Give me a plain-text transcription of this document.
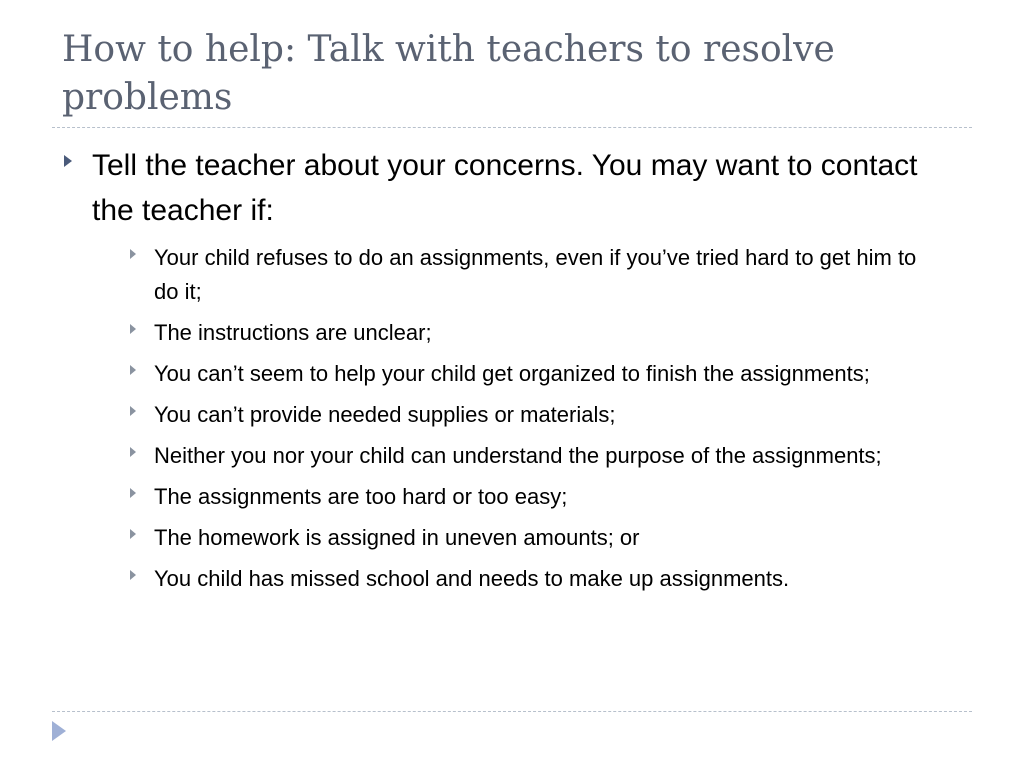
How to help: Talk with teachers to resolve problems
Tell the teacher about your concerns. You may want to contact the teacher if:
Your child refuses to do an assignments, even if you’ve tried hard to get him to do it;
The instructions are unclear;
You can’t seem to help your child get organized to finish the assignments;
You can’t provide needed supplies or materials;
Neither you nor your child can understand the purpose of the assignments;
The assignments are too hard or too easy;
The homework is assigned in uneven amounts; or
You child has missed school and needs to make up assignments.
